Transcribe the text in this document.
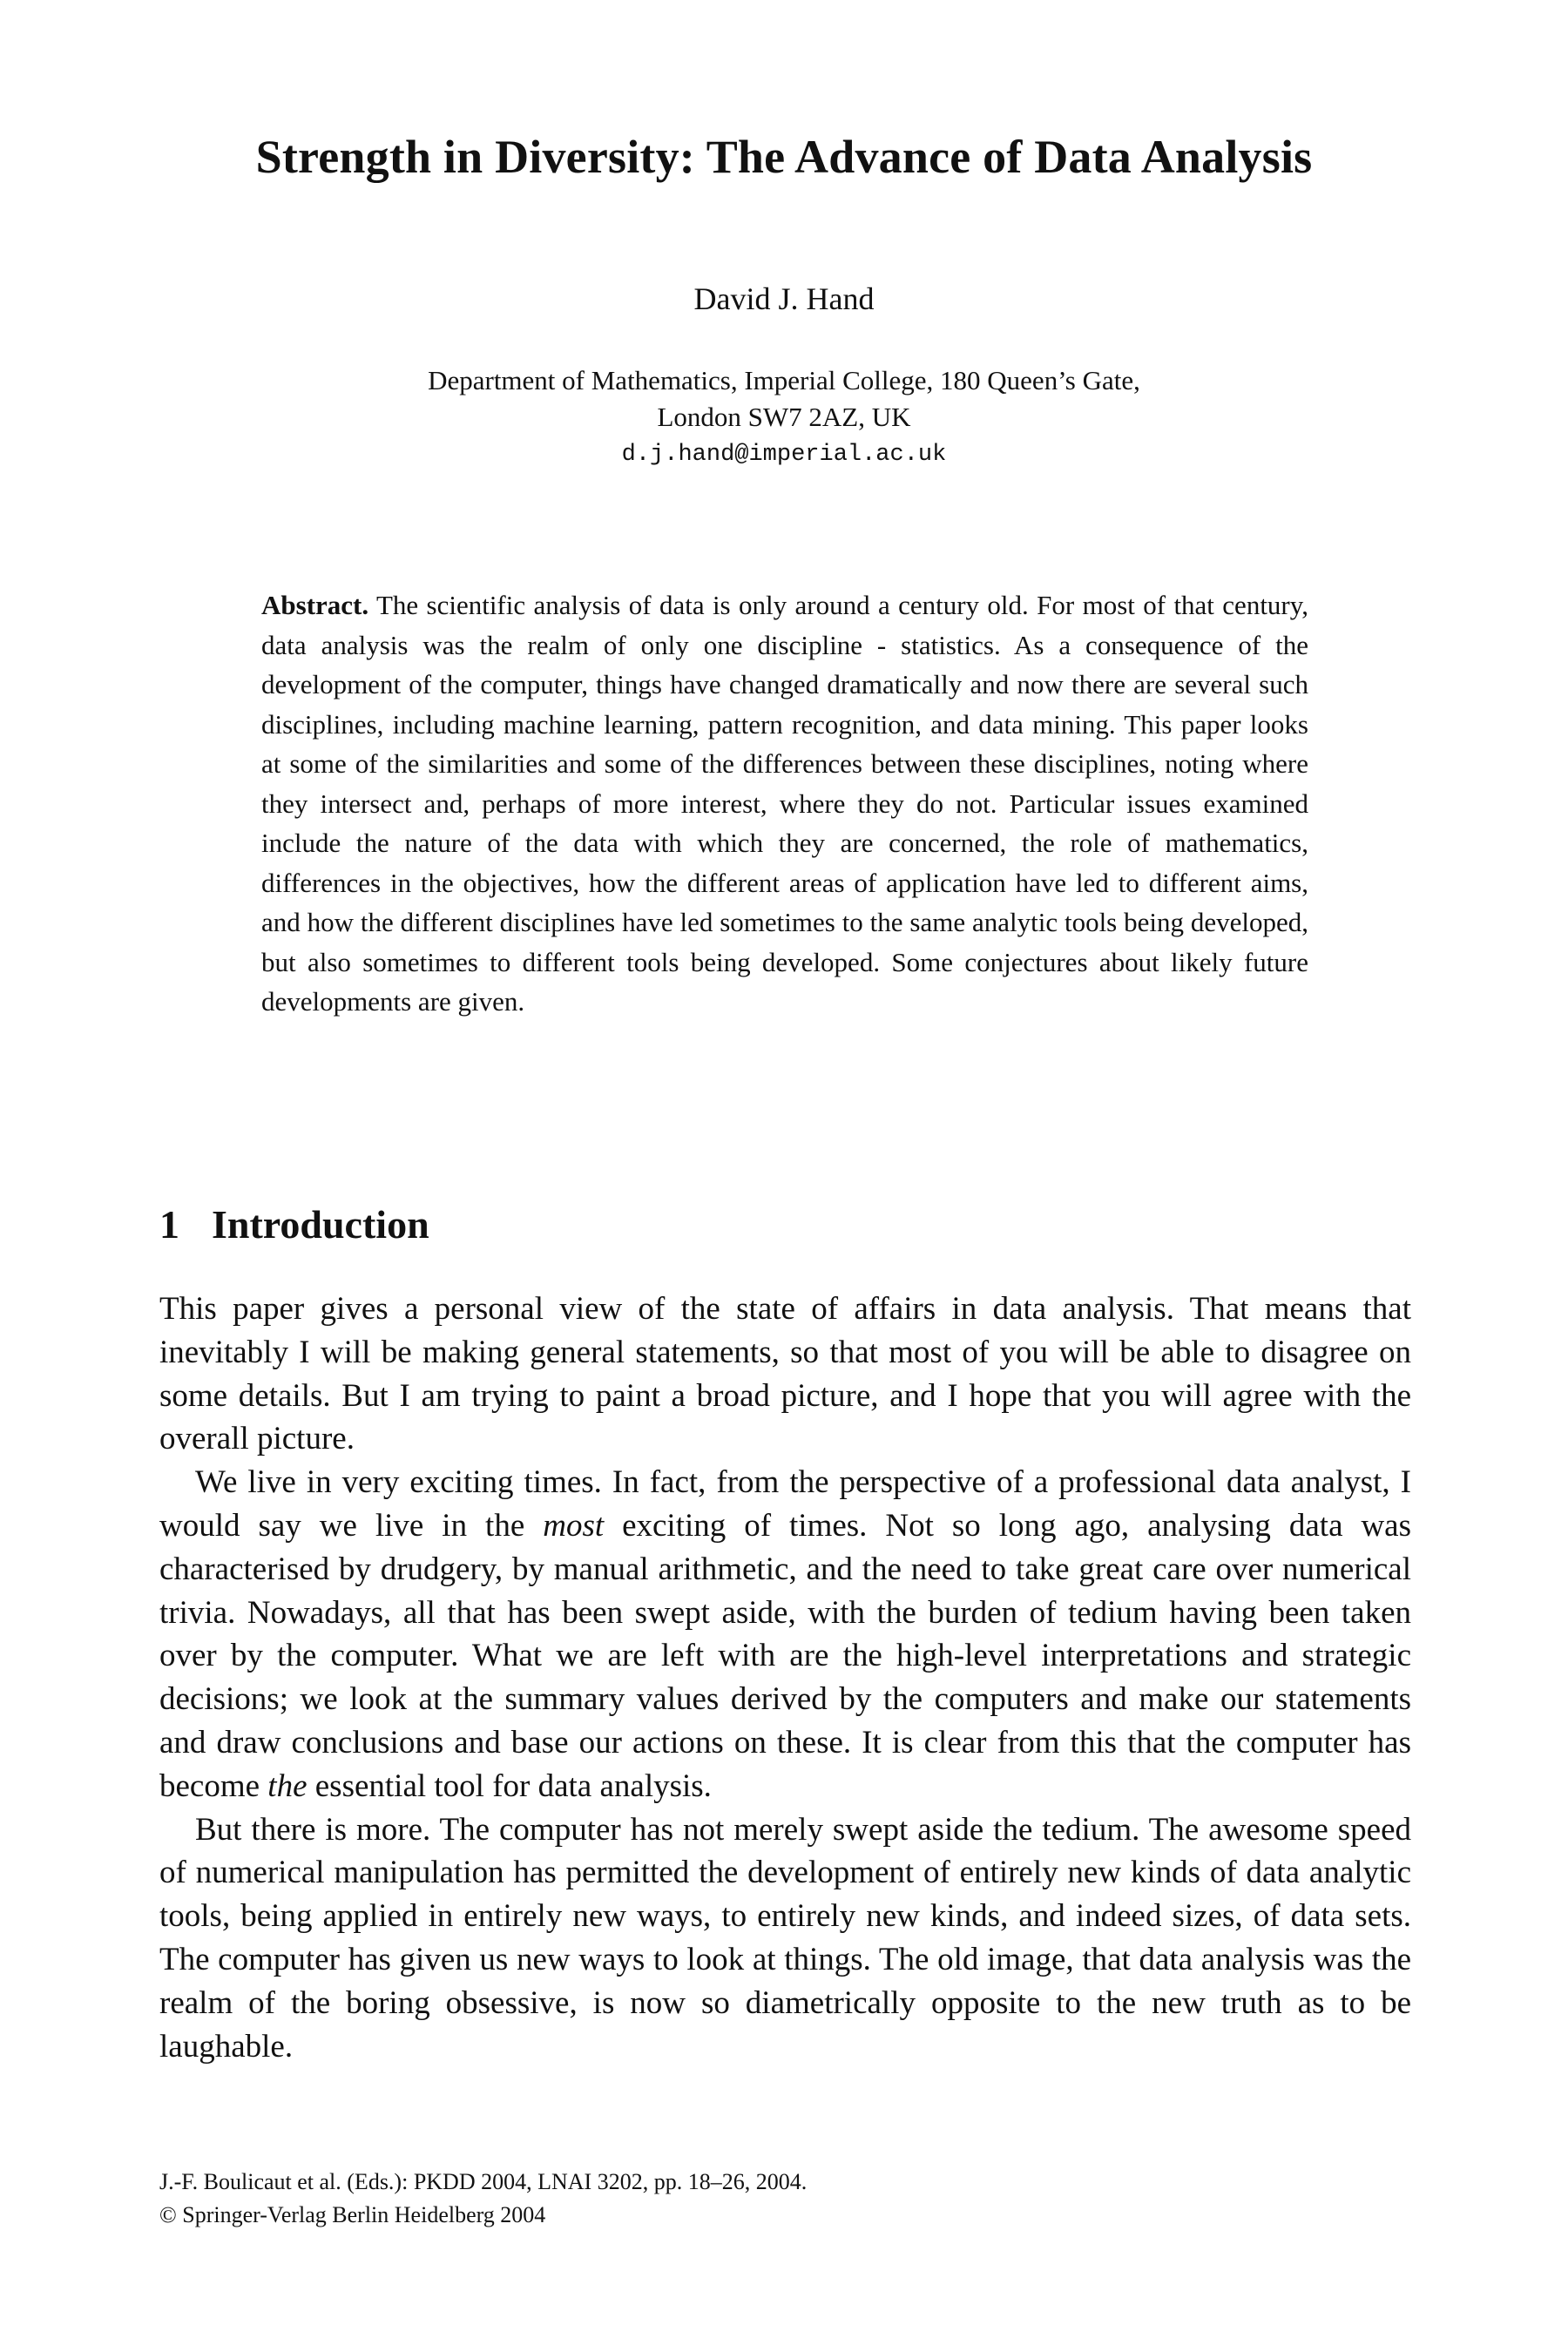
Strength in Diversity: The Advance of Data Analysis
David J. Hand
Department of Mathematics, Imperial College, 180 Queen’s Gate,
London SW7 2AZ, UK
d.j.hand@imperial.ac.uk
Abstract. The scientific analysis of data is only around a century old. For most of that century, data analysis was the realm of only one discipline - statistics. As a consequence of the development of the computer, things have changed dramatically and now there are several such disciplines, including machine learning, pattern recognition, and data mining. This paper looks at some of the similarities and some of the differences between these disciplines, noting where they intersect and, perhaps of more interest, where they do not. Particular issues examined include the nature of the data with which they are concerned, the role of mathematics, differences in the objectives, how the different areas of application have led to different aims, and how the different disciplines have led sometimes to the same analytic tools being developed, but also sometimes to different tools being developed. Some conjectures about likely future developments are given.
1 Introduction

This paper gives a personal view of the state of affairs in data analysis. That means that inevitably I will be making general statements, so that most of you will be able to disagree on some details. But I am trying to paint a broad picture, and I hope that you will agree with the overall picture.

We live in very exciting times. In fact, from the perspective of a professional data analyst, I would say we live in the most exciting of times. Not so long ago, analysing data was characterised by drudgery, by manual arithmetic, and the need to take great care over numerical trivia. Nowadays, all that has been swept aside, with the burden of tedium having been taken over by the computer. What we are left with are the high-level interpretations and strategic decisions; we look at the summary values derived by the computers and make our statements and draw conclusions and base our actions on these. It is clear from this that the computer has become the essential tool for data analysis.

But there is more. The computer has not merely swept aside the tedium. The awesome speed of numerical manipulation has permitted the development of entirely new kinds of data analytic tools, being applied in entirely new ways, to entirely new kinds, and indeed sizes, of data sets. The computer has given us new ways to look at things. The old image, that data analysis was the realm of the boring obsessive, is now so diametrically opposite to the new truth as to be laughable.

J.-F. Boulicaut et al. (Eds.): PKDD 2004, LNAI 3202, pp. 18–26, 2004.
© Springer-Verlag Berlin Heidelberg 2004
